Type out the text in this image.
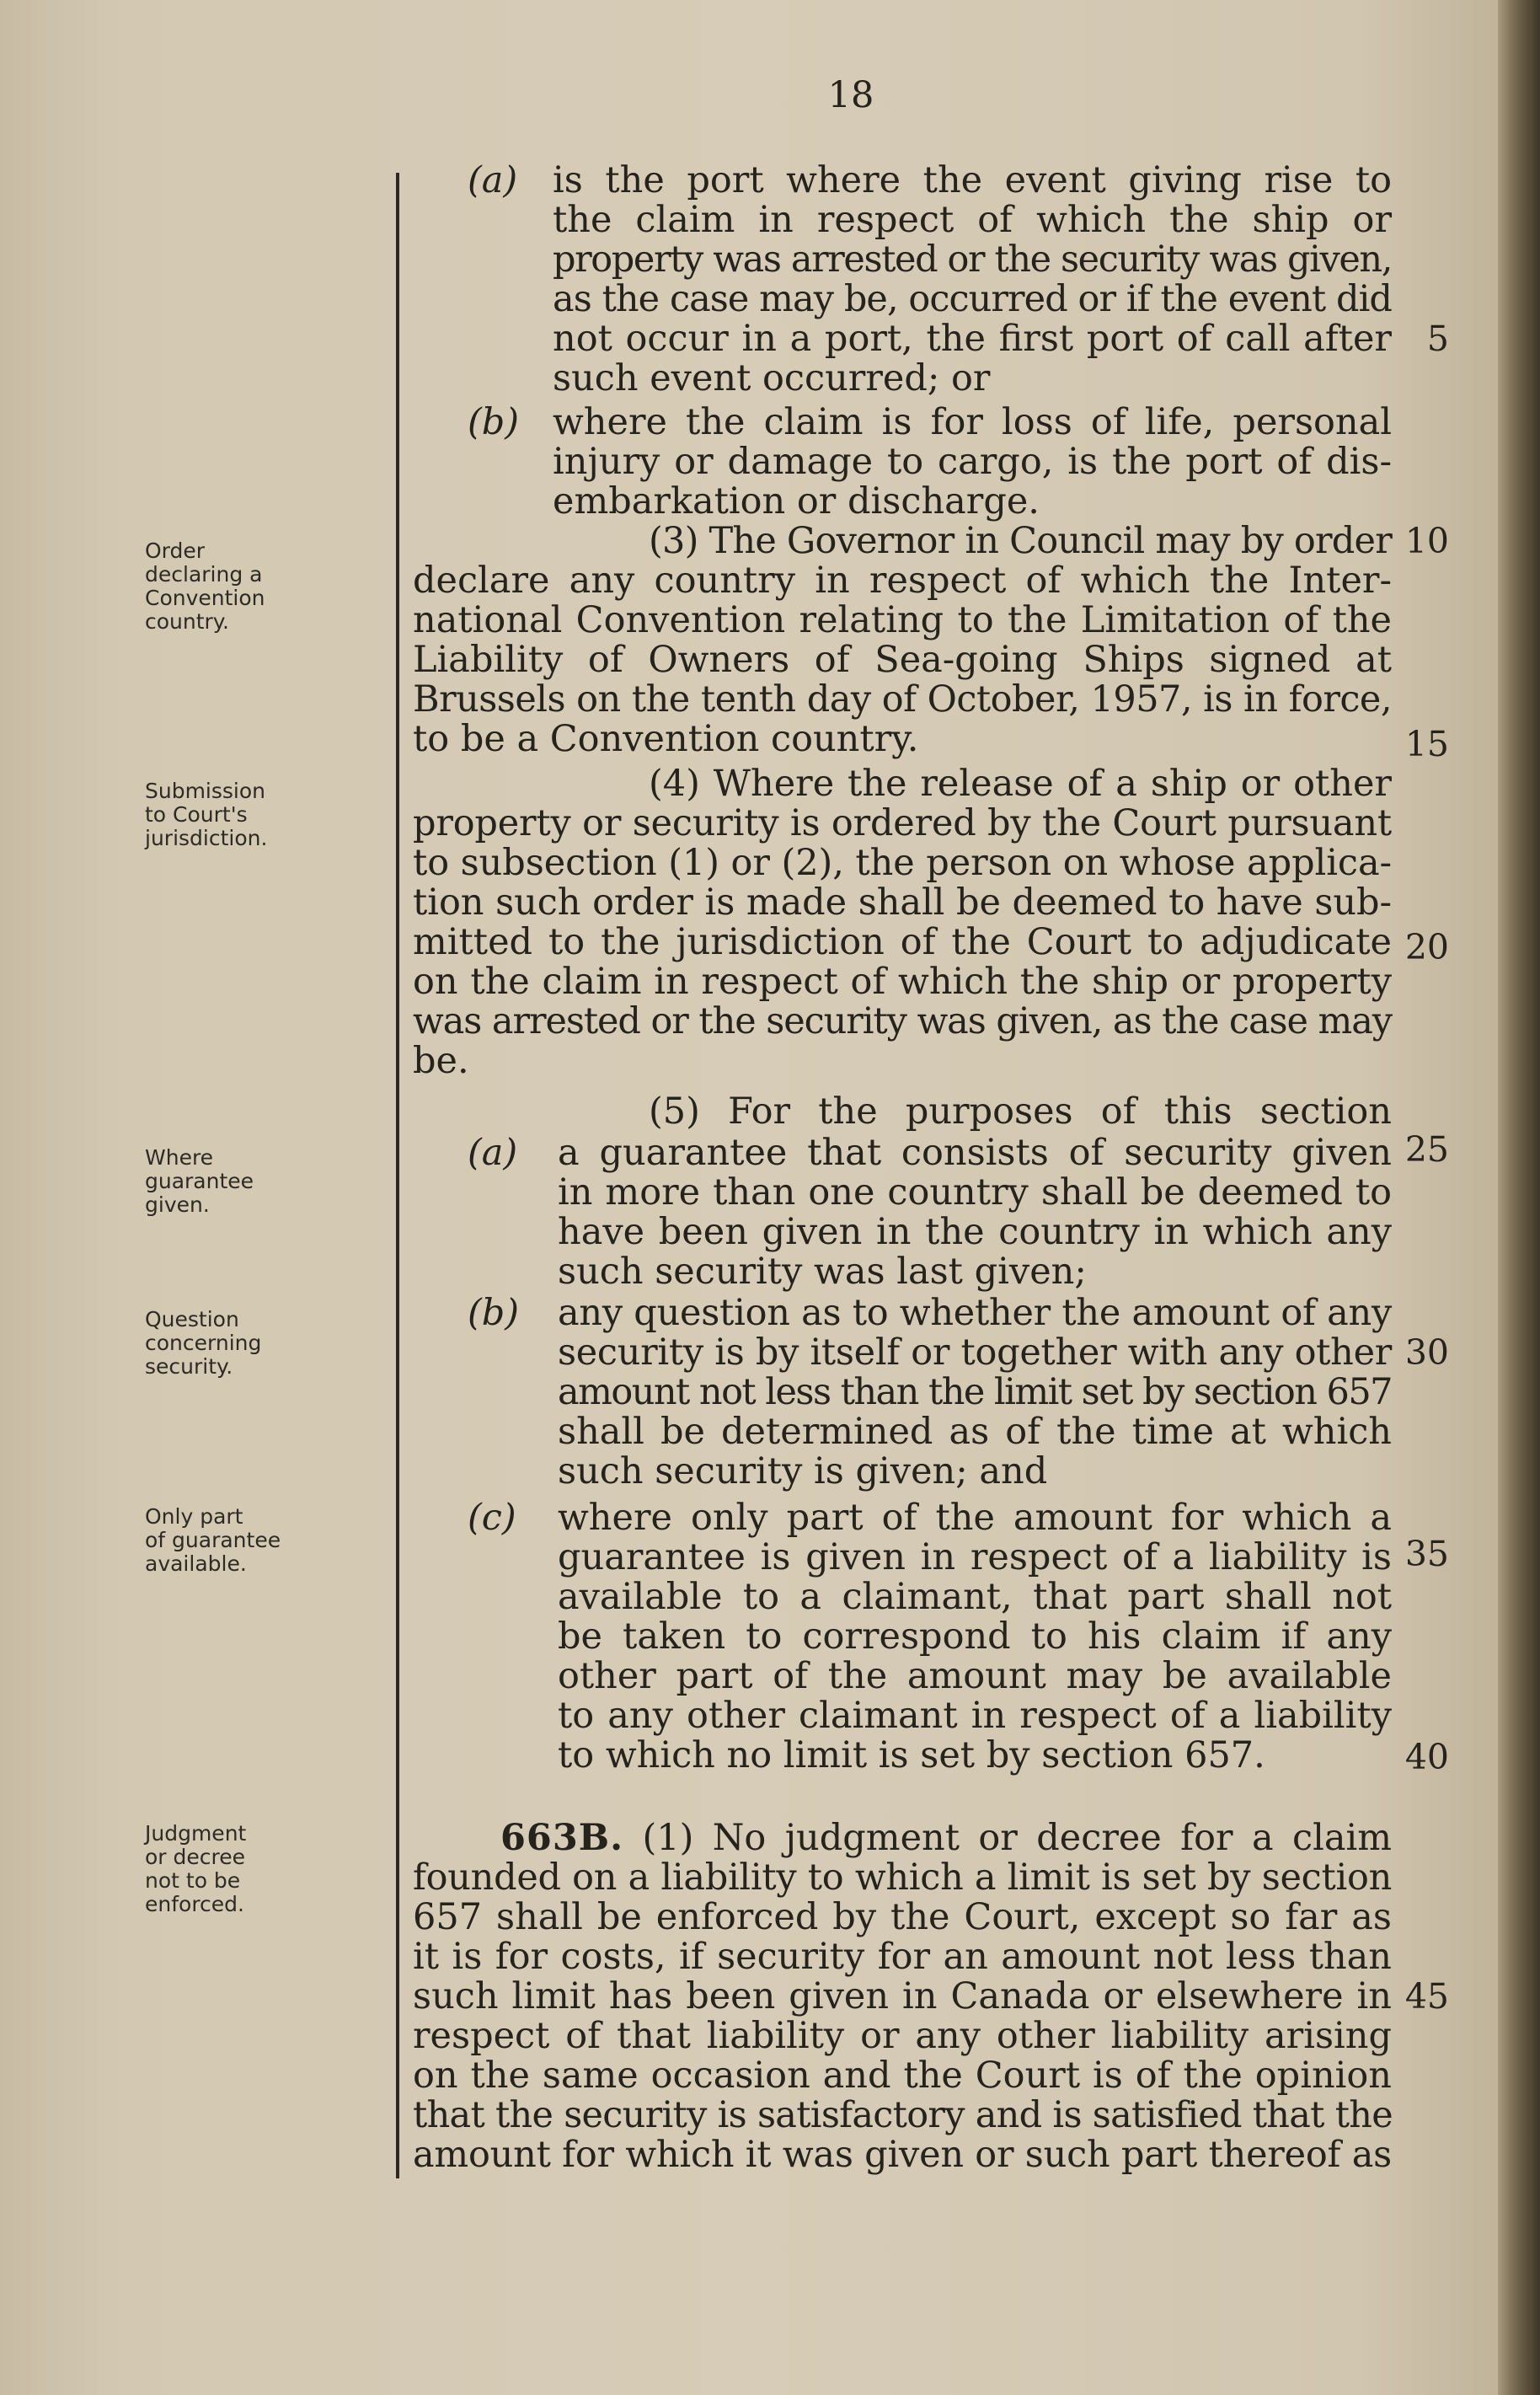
18
Order
declaring a
Convention
country.
Submission
to Court's
jurisdiction.
Where
guarantee
given.
Question
concerning
security.
Only part
of guarantee
available.
Judgment
or decree
not to be
enforced.
(a)
(b)
(a)
(b)
(c)
is the port where the event giving rise to
the claim in respect of which the ship or
property was arrested or the security was given,
as the case may be, occurred or if the event did
not occur in a port, the first port of call after
such event occurred; or
where the claim is for loss of life, personal
injury or damage to cargo, is the port of dis-
embarkation or discharge.
(3) The Governor in Council may by order
declare any country in respect of which the Inter-
national Convention relating to the Limitation of the
Liability of Owners of Sea-going Ships signed at
Brussels on the tenth day of October, 1957, is in force,
to be a Convention country.
(4) Where the release of a ship or other
property or security is ordered by the Court pursuant
to subsection (1) or (2), the person on whose applica-
tion such order is made shall be deemed to have sub-
mitted to the jurisdiction of the Court to adjudicate
on the claim in respect of which the ship or property
was arrested or the security was given, as the case may
be.
(5) For the purposes of this section
a guarantee that consists of security given
in more than one country shall be deemed to
have been given in the country in which any
such security was last given;
any question as to whether the amount of any
security is by itself or together with any other
amount not less than the limit set by section 657
shall be determined as of the time at which
such security is given; and
where only part of the amount for which a
guarantee is given in respect of a liability is
available to a claimant, that part shall not
be taken to correspond to his claim if any
other part of the amount may be available
to any other claimant in respect of a liability
to which no limit is set by section 657.
663B. (1) No judgment or decree for a claim
founded on a liability to which a limit is set by section
657 shall be enforced by the Court, except so far as
it is for costs, if security for an amount not less than
such limit has been given in Canada or elsewhere in
respect of that liability or any other liability arising
on the same occasion and the Court is of the opinion
that the security is satisfactory and is satisfied that the
amount for which it was given or such part thereof as
5
10
15
20
25
30
35
40
45
